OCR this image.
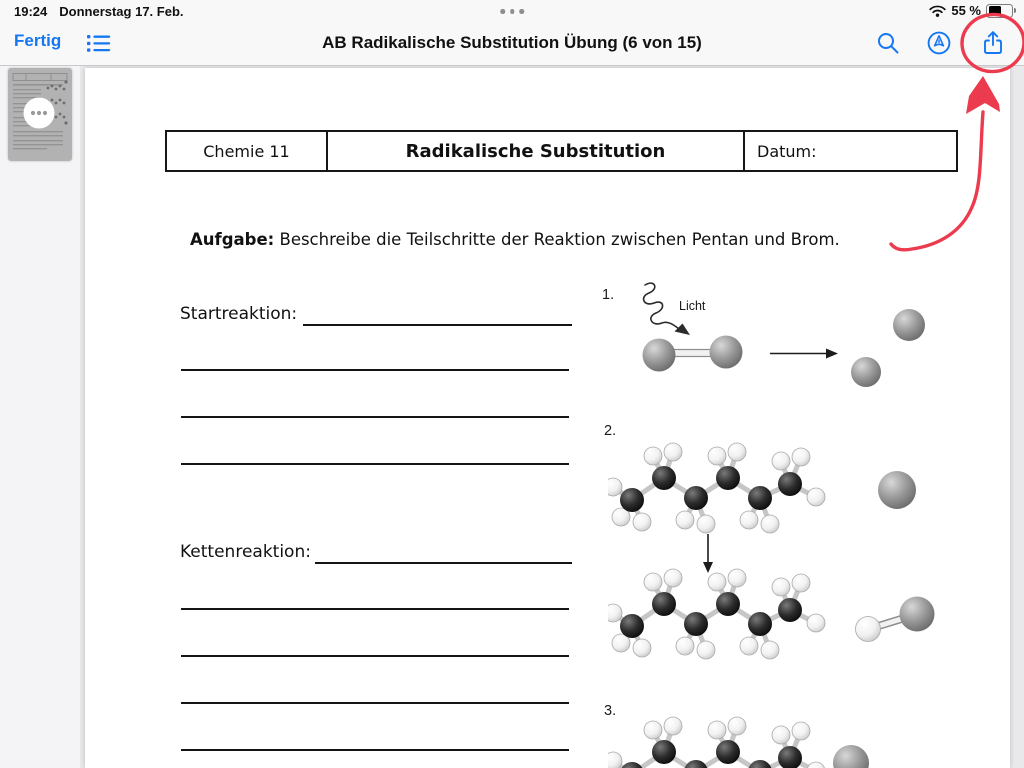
19:24 Donnerstag 17. Feb.	55 %
Fertig	AB Radikalische Substitution Übung (6 von 15)
Chemie 11	Radikalische Substitution	Datum:
Aufgabe: Beschreibe die Teilschritte der Reaktion zwischen Pentan und Brom.
Startreaktion:
Kettenreaktion:
1.
Licht
2.
3.
